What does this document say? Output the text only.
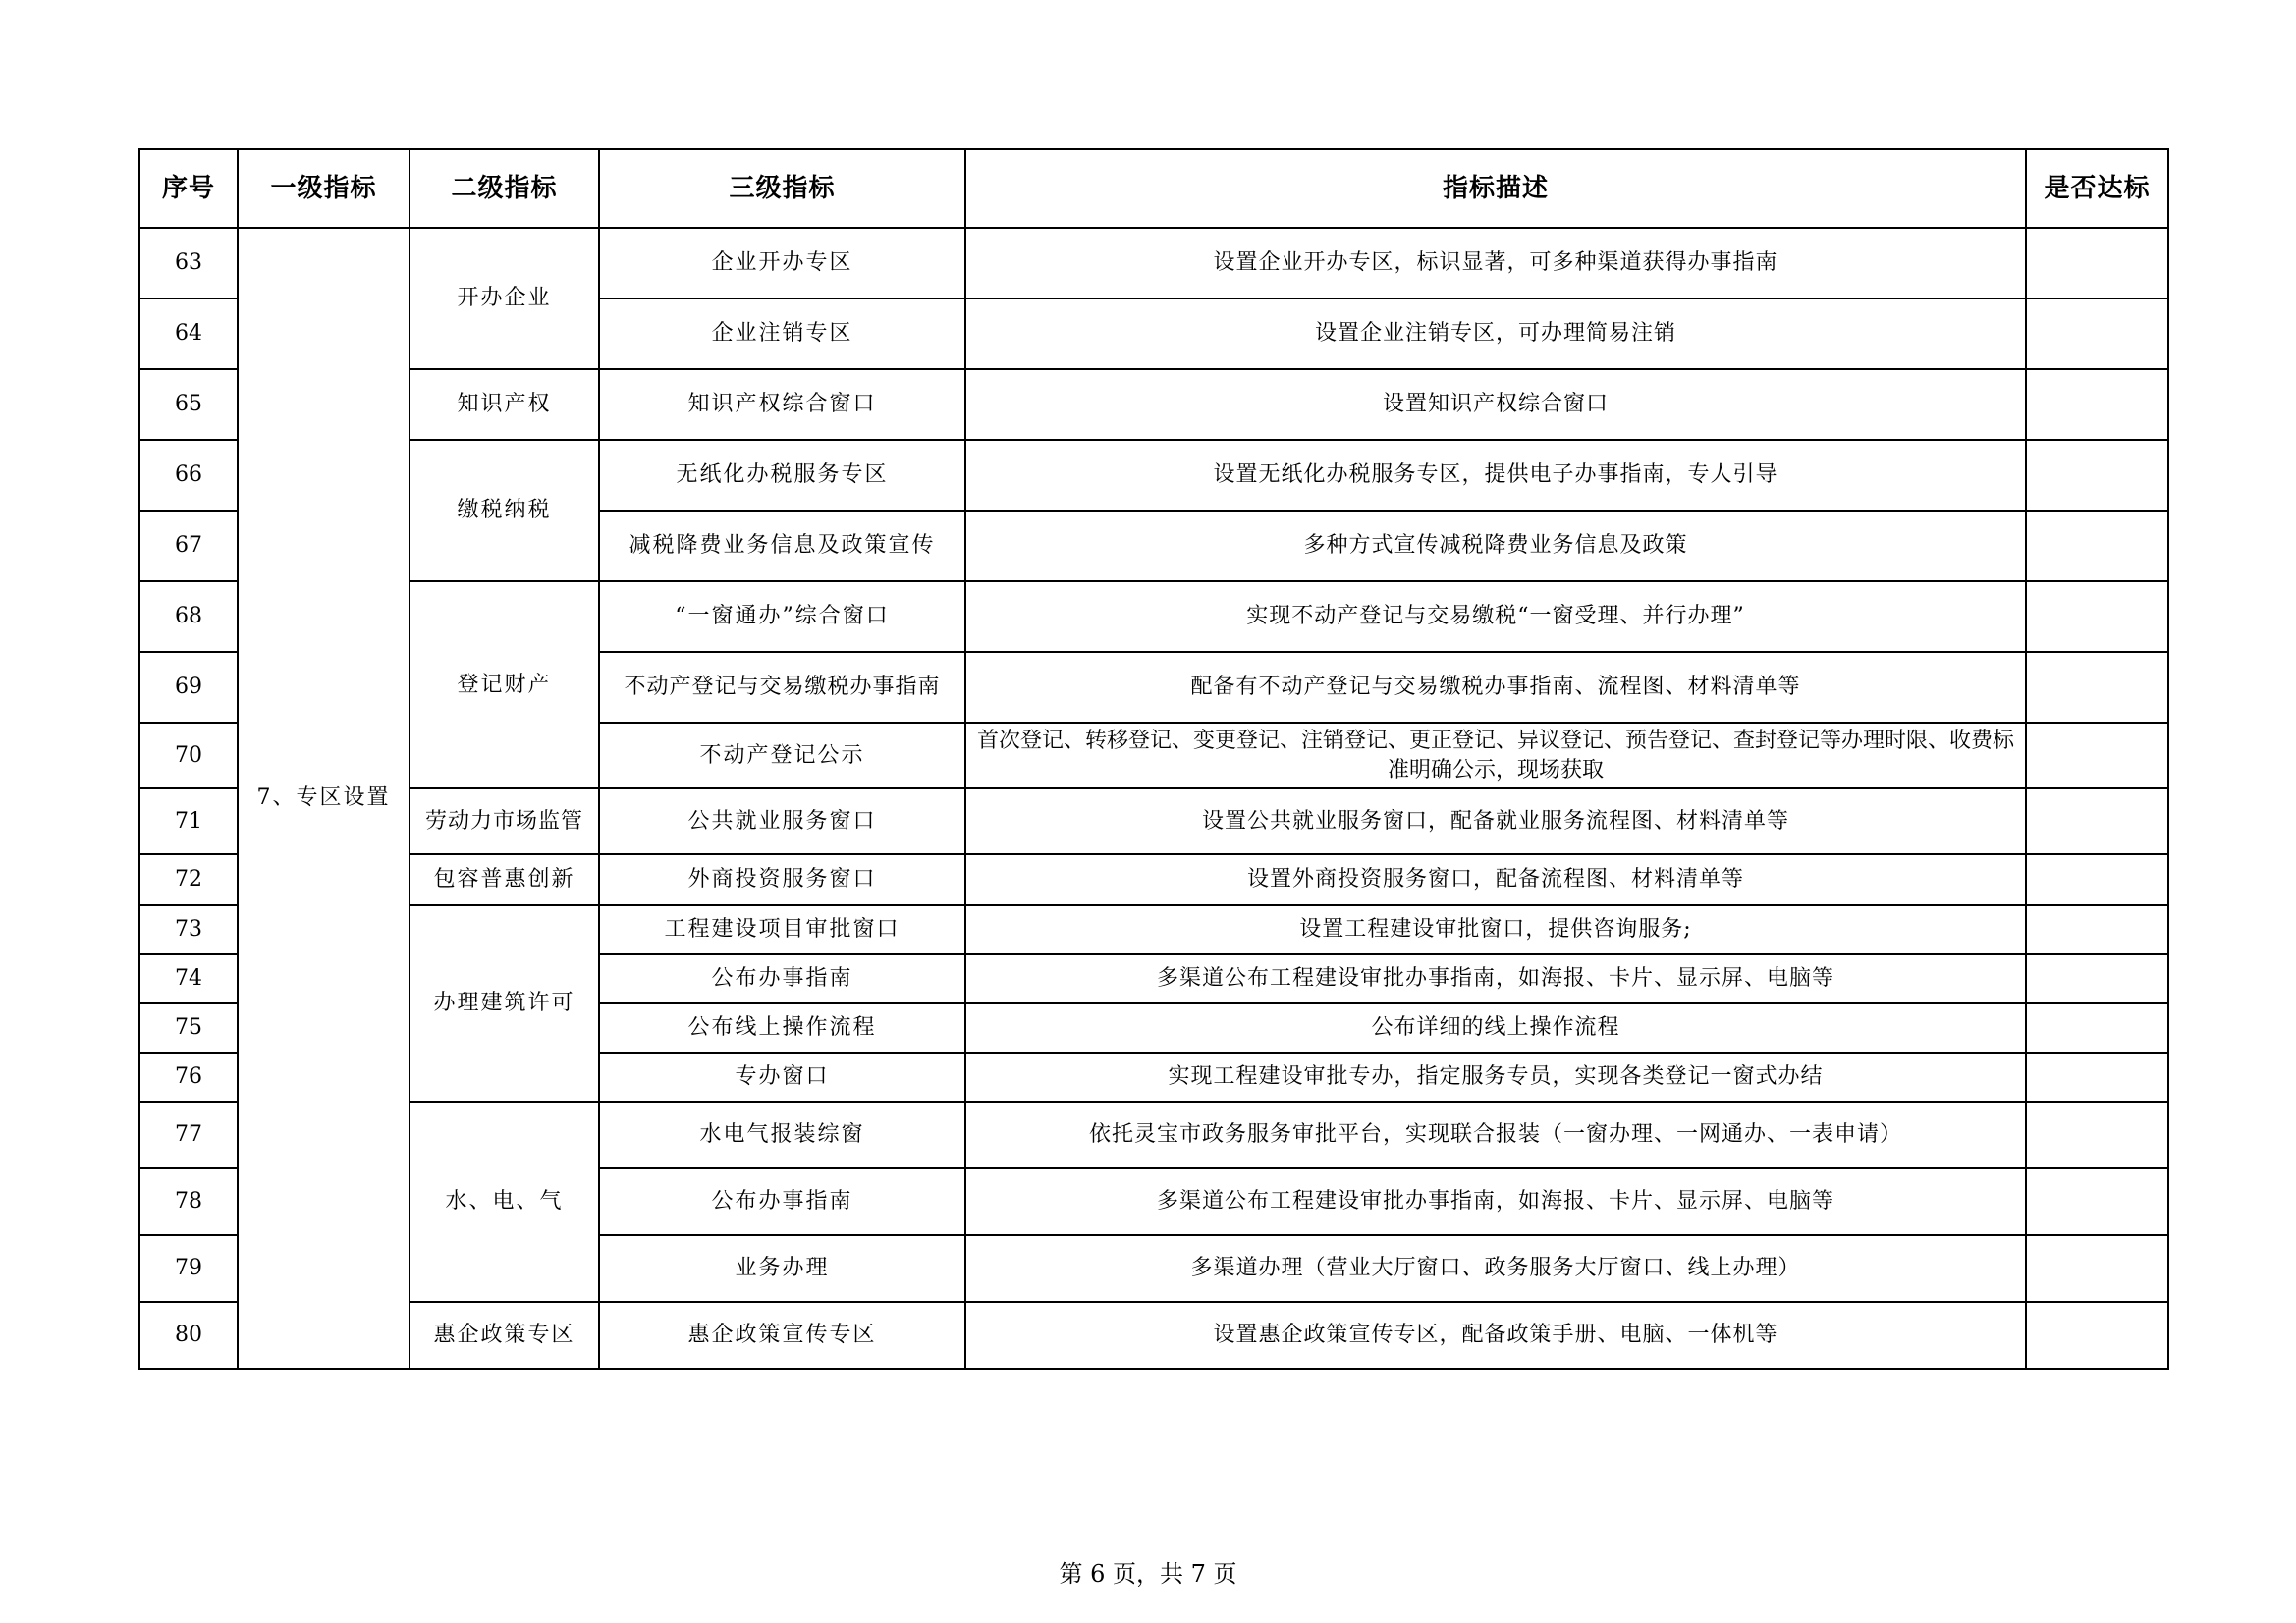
序号	一级指标	二级指标	三级指标	指标描述	是否达标
63	7、专区设置	开办企业	企业开办专区	设置企业开办专区，标识显著，可多种渠道获得办事指南	
64			企业注销专区	设置企业注销专区，可办理简易注销	
65		知识产权	知识产权综合窗口	设置知识产权综合窗口	
66		缴税纳税	无纸化办税服务专区	设置无纸化办税服务专区，提供电子办事指南，专人引导	
67			减税降费业务信息及政策宣传	多种方式宣传减税降费业务信息及政策	
68		登记财产	“一窗通办”综合窗口	实现不动产登记与交易缴税“一窗受理、并行办理”	
69			不动产登记与交易缴税办事指南	配备有不动产登记与交易缴税办事指南、流程图、材料清单等	
70			不动产登记公示	首次登记、转移登记、变更登记、注销登记、更正登记、异议登记、预告登记、查封登记等办理时限、收费标准明确公示，现场获取	
71		劳动力市场监管	公共就业服务窗口	设置公共就业服务窗口，配备就业服务流程图、材料清单等	
72		包容普惠创新	外商投资服务窗口	设置外商投资服务窗口，配备流程图、材料清单等	
73		办理建筑许可	工程建设项目审批窗口	设置工程建设审批窗口，提供咨询服务;	
74			公布办事指南	多渠道公布工程建设审批办事指南，如海报、卡片、显示屏、电脑等	
75			公布线上操作流程	公布详细的线上操作流程	
76			专办窗口	实现工程建设审批专办，指定服务专员，实现各类登记一窗式办结	
77		水、电、气	水电气报装综窗	依托灵宝市政务服务审批平台，实现联合报装（一窗办理、一网通办、一表申请）	
78			公布办事指南	多渠道公布工程建设审批办事指南，如海报、卡片、显示屏、电脑等	
79			业务办理	多渠道办理（营业大厅窗口、政务服务大厅窗口、线上办理）	
80		惠企政策专区	惠企政策宣传专区	设置惠企政策宣传专区，配备政策手册、电脑、一体机等	
第 6 页，共 7 页
